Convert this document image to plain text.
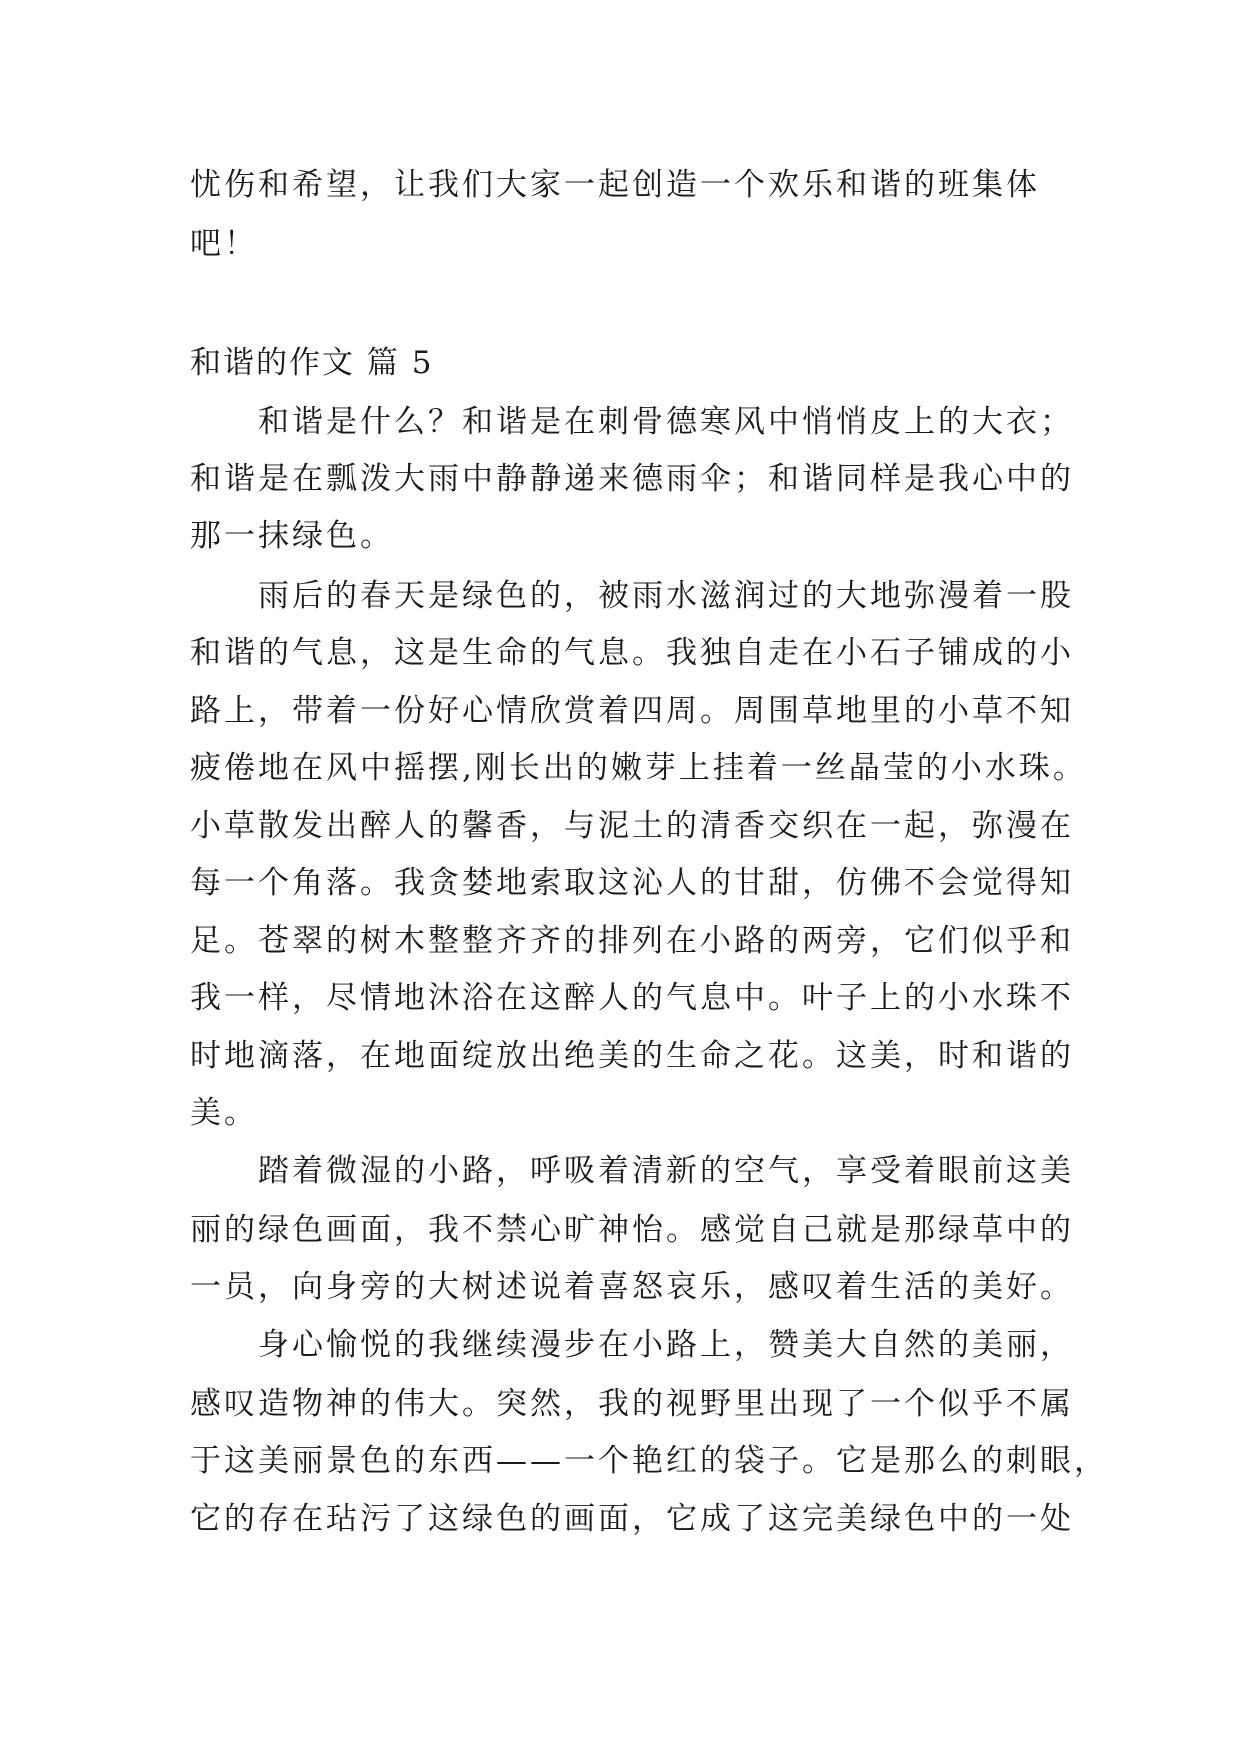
忧伤和希望，让我们大家一起创造一个欢乐和谐的班集体
吧！
和谐的作文 篇 5
和谐是什么？和谐是在刺骨德寒风中悄悄皮上的大衣；
和谐是在瓢泼大雨中静静递来德雨伞；和谐同样是我心中的
那一抹绿色。
雨后的春天是绿色的，被雨水滋润过的大地弥漫着一股
和谐的气息，这是生命的气息。我独自走在小石子铺成的小
路上，带着一份好心情欣赏着四周。周围草地里的小草不知
疲倦地在风中摇摆,刚长出的嫩芽上挂着一丝晶莹的小水珠。
小草散发出醉人的馨香，与泥土的清香交织在一起，弥漫在
每一个角落。我贪婪地索取这沁人的甘甜，仿佛不会觉得知
足。苍翠的树木整整齐齐的排列在小路的两旁，它们似乎和
我一样，尽情地沐浴在这醉人的气息中。叶子上的小水珠不
时地滴落，在地面绽放出绝美的生命之花。这美，时和谐的
美。
踏着微湿的小路，呼吸着清新的空气，享受着眼前这美
丽的绿色画面，我不禁心旷神怡。感觉自己就是那绿草中的
一员，向身旁的大树述说着喜怒哀乐，感叹着生活的美好。
身心愉悦的我继续漫步在小路上，赞美大自然的美丽，
感叹造物神的伟大。突然，我的视野里出现了一个似乎不属
于这美丽景色的东西——一个艳红的袋子。它是那么的刺眼，
它的存在玷污了这绿色的画面，它成了这完美绿色中的一处
